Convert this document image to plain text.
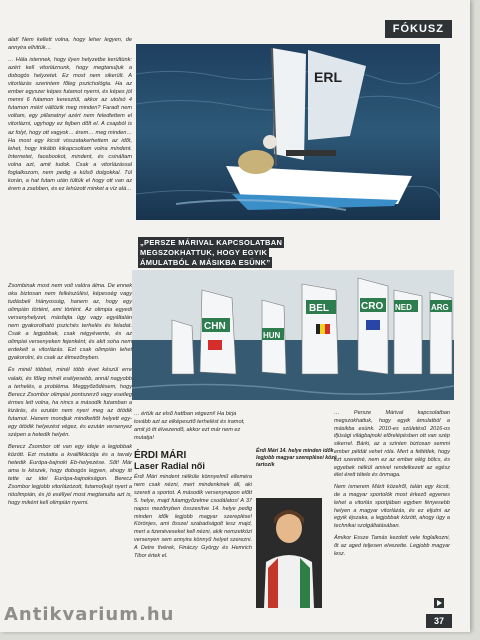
FÓKUSZ

alat! Nem kellett volna, hogy leher legyen, de annyira elhittük…

… Hála istennek, hogy ilyen helyzetbe kerültünk: azért kell vitorláznunk, hogy megtanuljuk a dobogós helyzetet. Ez most nem sikerült. A vitorlázás szerintem főleg pszichológia. Ha az ember egyszer képes futamot nyerni, és képes jól menni 6 futamon keresztül, akkor az utolsó 4 futamon miért váltózik meg minden? Faradt nem voltam, egy pillanatnyi azért nem feledtettem el vitorlázni, ugyhogy ez fejben dőlt el. A csapból is az folyt, hogy ott vagyok… érem… meg minden… Ha most egy kicsit visszatakerhettem az időt, lehet, hogy inkább kikapcsoltam volna mindent. Internetet, facebookot, mindent, és csináltam volna azt, amit tudok. Csak a vitorlázással foglalkozom, nem pedig a külső dolgokkal. Túl korán, a hat futam után túltúk el hogy ott van az érem a zsebben, és ez lehúzott minket a víz alá…

Zsombinak most nem volt valóra álma. De ennek oka biztosan nem felkészülési, képesség vagy tudásbeli hiányosság, hanem az, hogy egy olimpián történt, ami történt. Az olimpia egyedi versenyhelyzet, másfajta úgy vagy egyáltalán nem gyakorolható pszichés terhelés és feladat. Csak a legjobbak, csak négyévente, és az olimpiai versenyeken fejenként, és akit soha nem erdekelt a vitorlázás. Ezt csak olimpián lehet gyakorolni, és csak az élmezőnyben.

És minél többet, minél több évet készül erre valaki, és főleg minél esélyesebb, annál nagyobb a terhelés, a probléma. Meggyőződésem, hogy Berecz Zsombor olimpiai pontszerző vagy esetleg érmes lett volna, ha nincs a második futamban a kizárás, és ezután nem nyeri meg az ötödik futamot. Hanem mondjuk mindkettőt helyett egy-egy ötödik helyezést végez, és ezután versenyez szépen a hetedik helyén.

Berecz Zsombor ott van egy ideje a legjobbak között. Ezt mutatta a kvalifikációja és a tavaly hetedik Európa-bajnoki Eb-helyezése. Sőt! Már ama is készek, hogy dobogós legyen, ahogy itt tette az idei Európa-bajnokságon. Berecz Zsombor legjobb vitorlázózott, futamo(ka)t nyert a rióolimpián, és jó eséllyel most megtanulta azt is, hogy miként kell olimpián nyerni.

ERL
„PERSZE MÁRIVAL KAPCSOLATBAN MEGSZOKHATTUK, HOGY EGYIK ÁMULATBÓL A MÁSIKBA ESÜNK”
CHN
HUN
BEL	CRO	ARG
NED
… értük az első hattban végezni! Ha birja tovább azt az elképesztő terhelést és iramot, amit jó itt élvezendő, akkor ezt már nem ez mutatja!
ÉRDI MÁRI
Laser Radial női
Érdi Mári mindent nélküle könnyelmű elleméra nem csak nézni, mert mindenkinek áll, aki szereti a sportot. A második versenynapon előtt 5. helye, majd futamgyőzelme csodálatos! A 37 napos mezőnyben összesítve 14. helye pedig minden idők legjobb magyar szereplése! Körönjes, ami ősszel szabadságolt lesz majd, mert a tizenéveseket kell nézni, akik nemzetközi versenyen sem annyira könnyű helyet szerezni. A Detre fivérek, Fináczy György és Hemrich Tibor értek el.
Érdi Mári 14. helye minden idők legjobb magyar szereplései közé tartozik

… Persze Márival kapcsolatban megszokhattuk, hogy egyik ámulatból a másikba esünk. 2010-es születésű 2016-os ifjúsági világbajnoki előrelépésben ott van szép sikerrel. Bárki, az a szinten biztosan semmi ember példát vehet róla. Mert a feltétlek, hogy ezt szeretné, nem ez az ember elég bölcs, és egyebek nélkül amivel rendelkezett az egész élet érett tétele és önmaga.

Nem ismerem Márit közelről, talán egy kicsit, de a magyar sportolók most érkező egyenes lehet a vitorlás sportjában egyben fényesebb helyen a magyar vitorlázás, és ez eljutni az egyik éjszaka, a legjobbak között, ahogy úgy a technikai szolgáltatásában.

Ámikor Essze Tamás kezdett vele foglalkozni, őt az aged teljesen elvezette. Legjobb magyar lesz.

37
Antikvarium.hu
